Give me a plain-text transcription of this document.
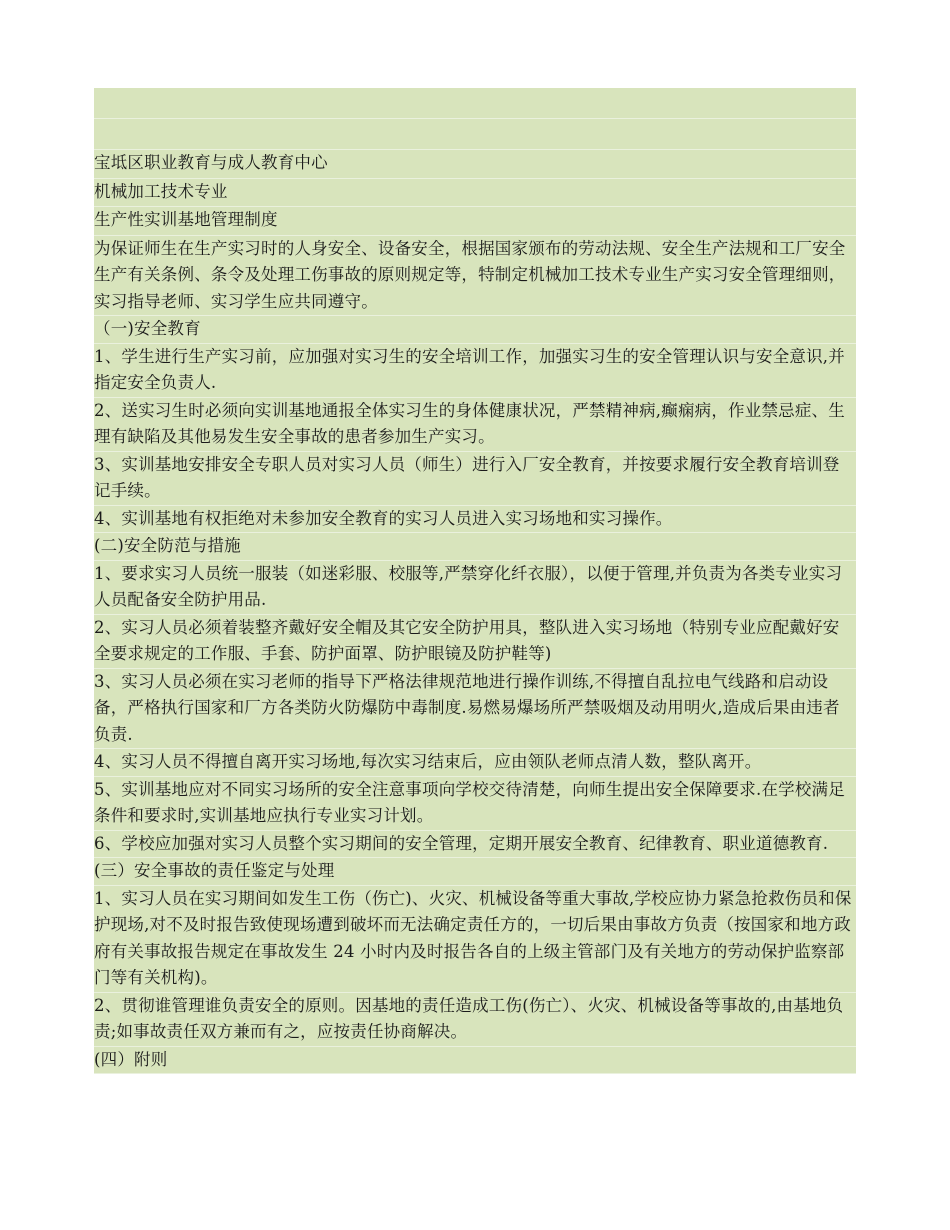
宝坻区职业教育与成人教育中心
机械加工技术专业
生产性实训基地管理制度
为保证师生在生产实习时的人身安全、设备安全，根据国家颁布的劳动法规、安全生产法规和工厂安全生产有关条例、条令及处理工伤事故的原则规定等，特制定机械加工技术专业生产实习安全管理细则，实习指导老师、实习学生应共同遵守。
（一)安全教育
1、学生进行生产实习前，应加强对实习生的安全培训工作，加强实习生的安全管理认识与安全意识,并指定安全负责人.
2、送实习生时必须向实训基地通报全体实习生的身体健康状况，严禁精神病,癫痫病，作业禁忌症、生理有缺陷及其他易发生安全事故的患者参加生产实习。
3、实训基地安排安全专职人员对实习人员（师生）进行入厂安全教育，并按要求履行安全教育培训登记手续。
4、实训基地有权拒绝对未参加安全教育的实习人员进入实习场地和实习操作。
(二)安全防范与措施
1、要求实习人员统一服装（如迷彩服、校服等,严禁穿化纤衣服），以便于管理,并负责为各类专业实习人员配备安全防护用品.
2、实习人员必须着装整齐戴好安全帽及其它安全防护用具，整队进入实习场地（特别专业应配戴好安全要求规定的工作服、手套、防护面罩、防护眼镜及防护鞋等)
3、实习人员必须在实习老师的指导下严格法律规范地进行操作训练,不得擅自乱拉电气线路和启动设备，严格执行国家和厂方各类防火防爆防中毒制度.易燃易爆场所严禁吸烟及动用明火,造成后果由违者负责.
4、实习人员不得擅自离开实习场地,每次实习结束后，应由领队老师点清人数，整队离开。
5、实训基地应对不同实习场所的安全注意事项向学校交待清楚，向师生提出安全保障要求.在学校满足条件和要求时,实训基地应执行专业实习计划。
6、学校应加强对实习人员整个实习期间的安全管理，定期开展安全教育、纪律教育、职业道德教育.
(三）安全事故的责任鉴定与处理
1、实习人员在实习期间如发生工伤（伤亡)、火灾、机械设备等重大事故,学校应协力紧急抢救伤员和保护现场,对不及时报告致使现场遭到破坏而无法确定责任方的，一切后果由事故方负责（按国家和地方政府有关事故报告规定在事故发生 24 小时内及时报告各自的上级主管部门及有关地方的劳动保护监察部门等有关机构)。
2、贯彻谁管理谁负责安全的原则。因基地的责任造成工伤(伤亡）、火灾、机械设备等事故的,由基地负责;如事故责任双方兼而有之，应按责任协商解决。
(四）附则
